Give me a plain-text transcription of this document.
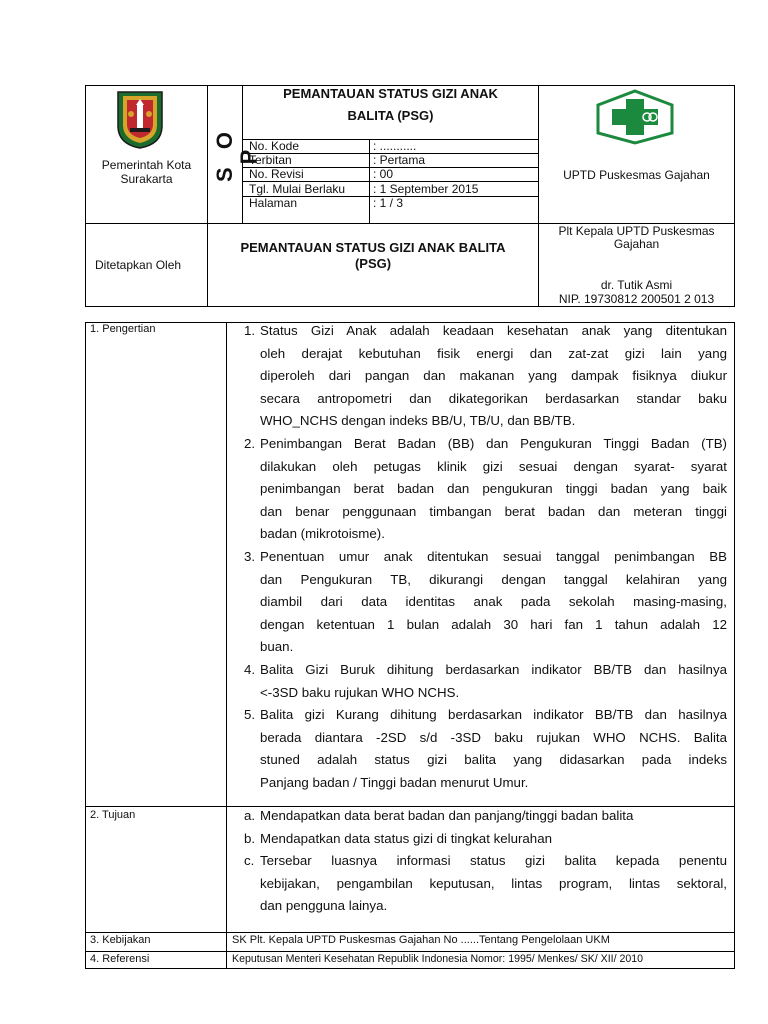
Pemerintah Kota Surakarta	S O P
PEMANTAUAN STATUS GIZI ANAK
BALITA (PSG)
No. Kode	: ...........
Terbitan	: Pertama
No. Revisi	: 00
Tgl. Mulai Berlaku : 1 September 2015
Halaman	: 1 / 3
UPTD Puskesmas Gajahan
Ditetapkan Oleh
PEMANTAUAN STATUS GIZI ANAK BALITA
(PSG)
Plt Kepala UPTD Puskesmas
Gajahan
dr. Tutik Asmi
NIP. 19730812 200501 2 013
1. Pengertian	1. Status Gizi Anak adalah keadaan kesehatan anak yang ditentukan
oleh derajat kebutuhan fisik energi dan zat-zat gizi lain yang
diperoleh dari pangan dan makanan yang dampak fisiknya diukur
secara antropometri dan dikategorikan berdasarkan standar baku
WHO_NCHS dengan indeks BB/U, TB/U, dan BB/TB.
2. Penimbangan Berat Badan (BB) dan Pengukuran Tinggi Badan (TB)
dilakukan oleh petugas klinik gizi sesuai dengan syarat- syarat
penimbangan berat badan dan pengukuran tinggi badan yang baik
dan benar penggunaan timbangan berat badan dan meteran tinggi
badan (mikrotoisme).
3. Penentuan umur anak ditentukan sesuai tanggal penimbangan BB
dan Pengukuran TB, dikurangi dengan tanggal kelahiran yang
diambil dari data identitas anak pada sekolah masing-masing,
dengan ketentuan 1 bulan adalah 30 hari fan 1 tahun adalah 12
buan.
4. Balita Gizi Buruk dihitung berdasarkan indikator BB/TB dan hasilnya
<-3SD baku rujukan WHO NCHS.
5. Balita gizi Kurang dihitung berdasarkan indikator BB/TB dan hasilnya
berada diantara -2SD s/d -3SD baku rujukan WHO NCHS. Balita
stuned adalah status gizi balita yang didasarkan pada indeks
Panjang badan / Tinggi badan menurut Umur.
2. Tujuan	a. Mendapatkan data berat badan dan panjang/tinggi badan balita
b. Mendapatkan data status gizi di tingkat kelurahan
c. Tersebar luasnya informasi status gizi balita kepada penentu
kebijakan, pengambilan keputusan, lintas program, lintas sektoral,
dan pengguna lainya.
3. Kebijakan	SK Plt. Kepala UPTD Puskesmas Gajahan No ......Tentang Pengelolaan UKM
4. Referensi	Keputusan Menteri Kesehatan Republik Indonesia Nomor: 1995/ Menkes/ SK/ XII/ 2010
